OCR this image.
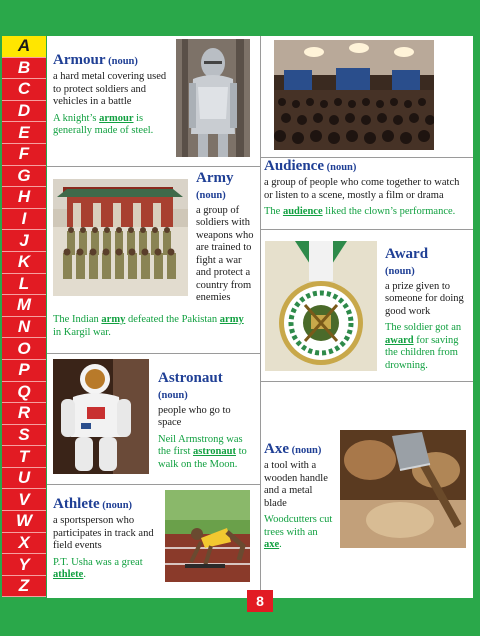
A
B
C
D
E
F
G
H
I
J
K
L
M
N
O
P
Q
R
S
T
U
V
W
X
Y
Z
Armour (noun)
a hard metal covering used to protect soldiers and vehicles in a battle
A knight’s armour is generally made of steel.
Audience (noun)
a group of people who come together to watch or listen to a scene, mostly a film or drama
The audience liked the clown’s performance.
Army
(noun)
a group of soldiers with weapons who are trained to fight a war and protect a country from enemies
The Indian army defeated the Pakistan army in Kargil war.
Award
(noun)
a prize given to someone for doing good work
The soldier got an award for saving the children from drowning.
Astronaut
(noun)
people who go to space
Neil Armstrong was the first astronaut to walk on the Moon.
Axe (noun)
a tool with a wooden handle and a metal blade
Woodcutters cut trees with an axe.
Athlete (noun)
a sportsperson who participates in track and field events
P.T. Usha was a great athlete.
8
